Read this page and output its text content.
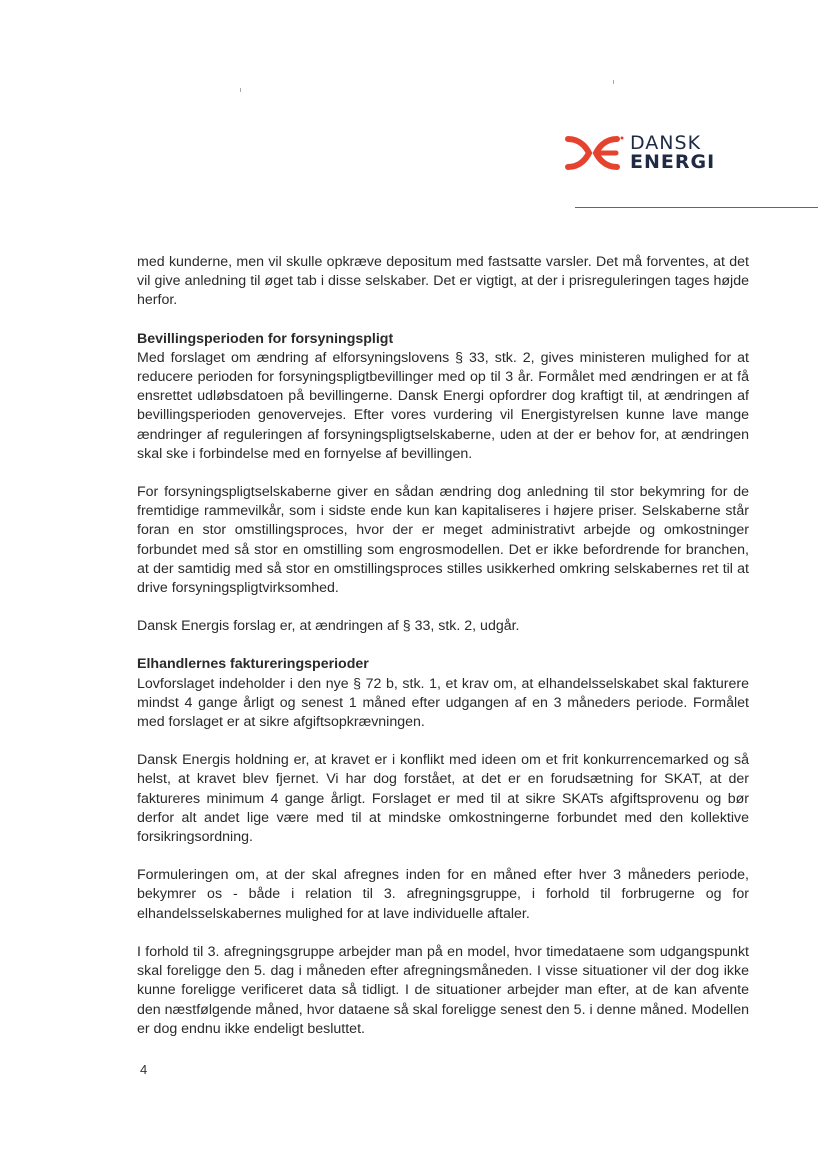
DANSK
ENERGI

med kunderne, men vil skulle opkræve depositum med fastsatte varsler. Det må forventes, at det vil give anledning til øget tab i disse selskaber. Det er vigtigt, at der i prisreguleringen tages højde herfor.

Bevillingsperioden for forsyningspligt

Med forslaget om ændring af elforsyningslovens § 33, stk. 2, gives ministeren mulighed for at reducere perioden for forsyningspligtbevillinger med op til 3 år. Formålet med ændringen er at få ensrettet udløbsdatoen på bevillingerne. Dansk Energi opfordrer dog kraftigt til, at ændringen af bevillingsperioden genovervejes. Efter vores vurdering vil Energistyrelsen kunne lave mange ændringer af reguleringen af forsyningspligtselskaberne, uden at der er behov for, at ændringen skal ske i forbindelse med en fornyelse af bevillingen.

For forsyningspligtselskaberne giver en sådan ændring dog anledning til stor bekymring for de fremtidige rammevilkår, som i sidste ende kun kan kapitaliseres i højere priser. Selskaberne står foran en stor omstillingsproces, hvor der er meget administrativt arbejde og omkostninger forbundet med så stor en omstilling som engrosmodellen. Det er ikke befordrende for branchen, at der samtidig med så stor en omstillingsproces stilles usikkerhed omkring selskabernes ret til at drive forsyningspligtvirksomhed.

Dansk Energis forslag er, at ændringen af § 33, stk. 2, udgår.

Elhandlernes faktureringsperioder

Lovforslaget indeholder i den nye § 72 b, stk. 1, et krav om, at elhandelsselskabet skal fakturere mindst 4 gange årligt og senest 1 måned efter udgangen af en 3 måneders periode. Formålet med forslaget er at sikre afgiftsopkrævningen.

Dansk Energis holdning er, at kravet er i konflikt med ideen om et frit konkurrencemarked og så helst, at kravet blev fjernet. Vi har dog forstået, at det er en forudsætning for SKAT, at der faktureres minimum 4 gange årligt. Forslaget er med til at sikre SKATs afgiftsprovenu og bør derfor alt andet lige være med til at mindske omkostningerne forbundet med den kollektive forsikringsordning.

Formuleringen om, at der skal afregnes inden for en måned efter hver 3 måneders periode, bekymrer os - både i relation til 3. afregningsgruppe, i forhold til forbrugerne og for elhandelsselskabernes mulighed for at lave individuelle aftaler.

I forhold til 3. afregningsgruppe arbejder man på en model, hvor timedataene som udgangspunkt skal foreligge den 5. dag i måneden efter afregningsmåneden. I visse situationer vil der dog ikke kunne foreligge verificeret data så tidligt. I de situationer arbejder man efter, at de kan afvente den næstfølgende måned, hvor dataene så skal foreligge senest den 5. i denne måned. Modellen er dog endnu ikke endeligt besluttet.

4
